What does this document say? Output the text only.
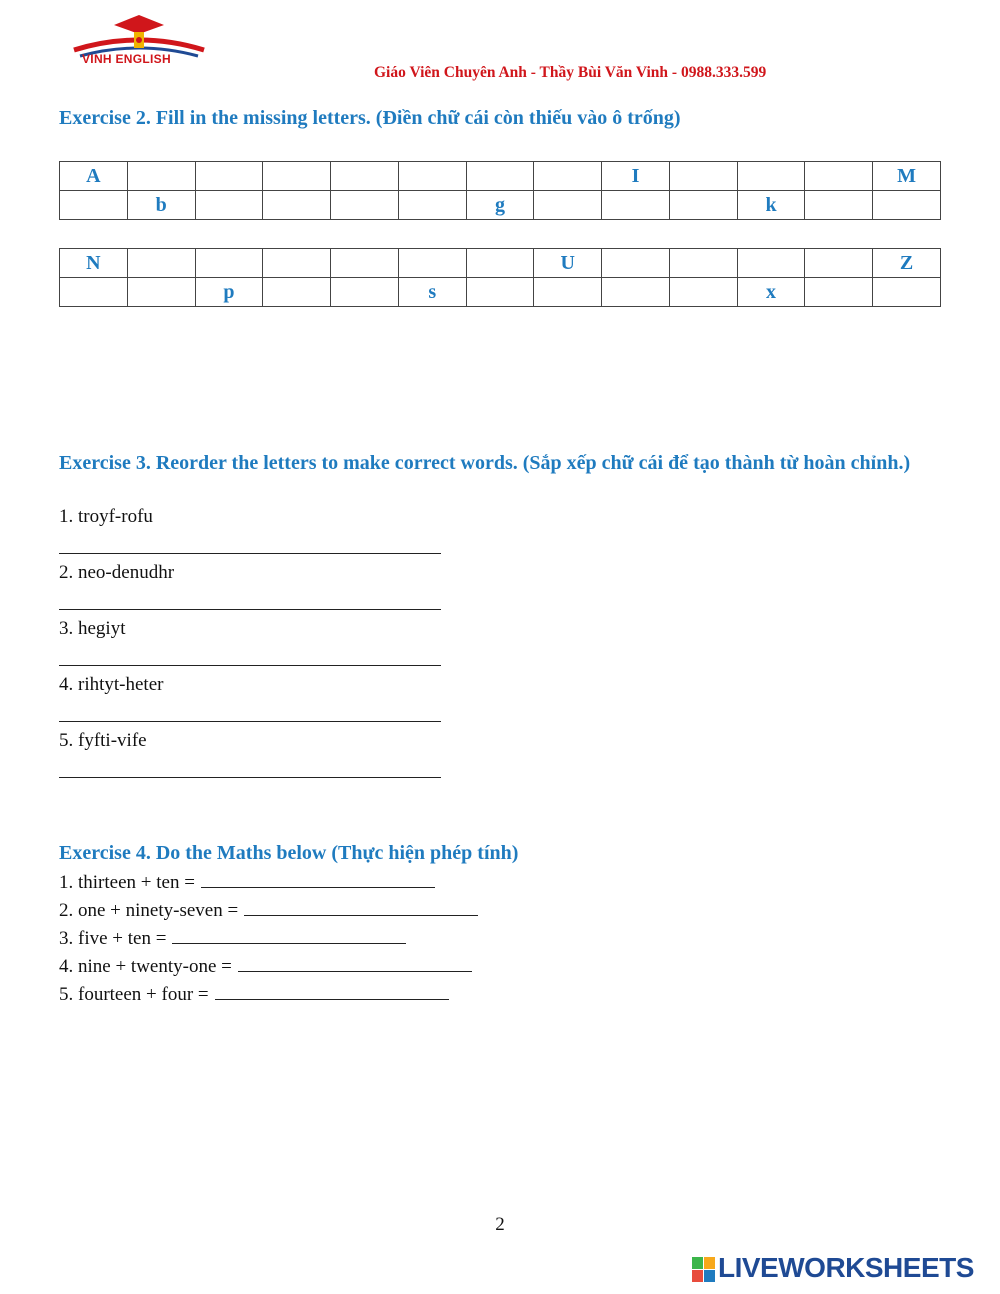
VINH ENGLISH
Giáo Viên Chuyên Anh - Thầy Bùi Văn Vinh - 0988.333.599
Exercise 2. Fill in the missing letters. (Điền chữ cái còn thiếu vào ô trống)
A								I				M
	b					g				k		
N							U					Z
		p			s					x		
Exercise 3. Reorder the letters to make correct words. (Sắp xếp chữ cái để tạo thành từ hoàn chỉnh.)
1. troyf-rofu
2. neo-denudhr
3. hegiyt
4. rihtyt-heter
5. fyfti-vife
Exercise 4. Do the Maths below (Thực hiện phép tính)
1. thirteen + ten =
2. one + ninety-seven =
3. five + ten =
4. nine + twenty-one =
5. fourteen + four =
2
LIVEWORKSHEETS
